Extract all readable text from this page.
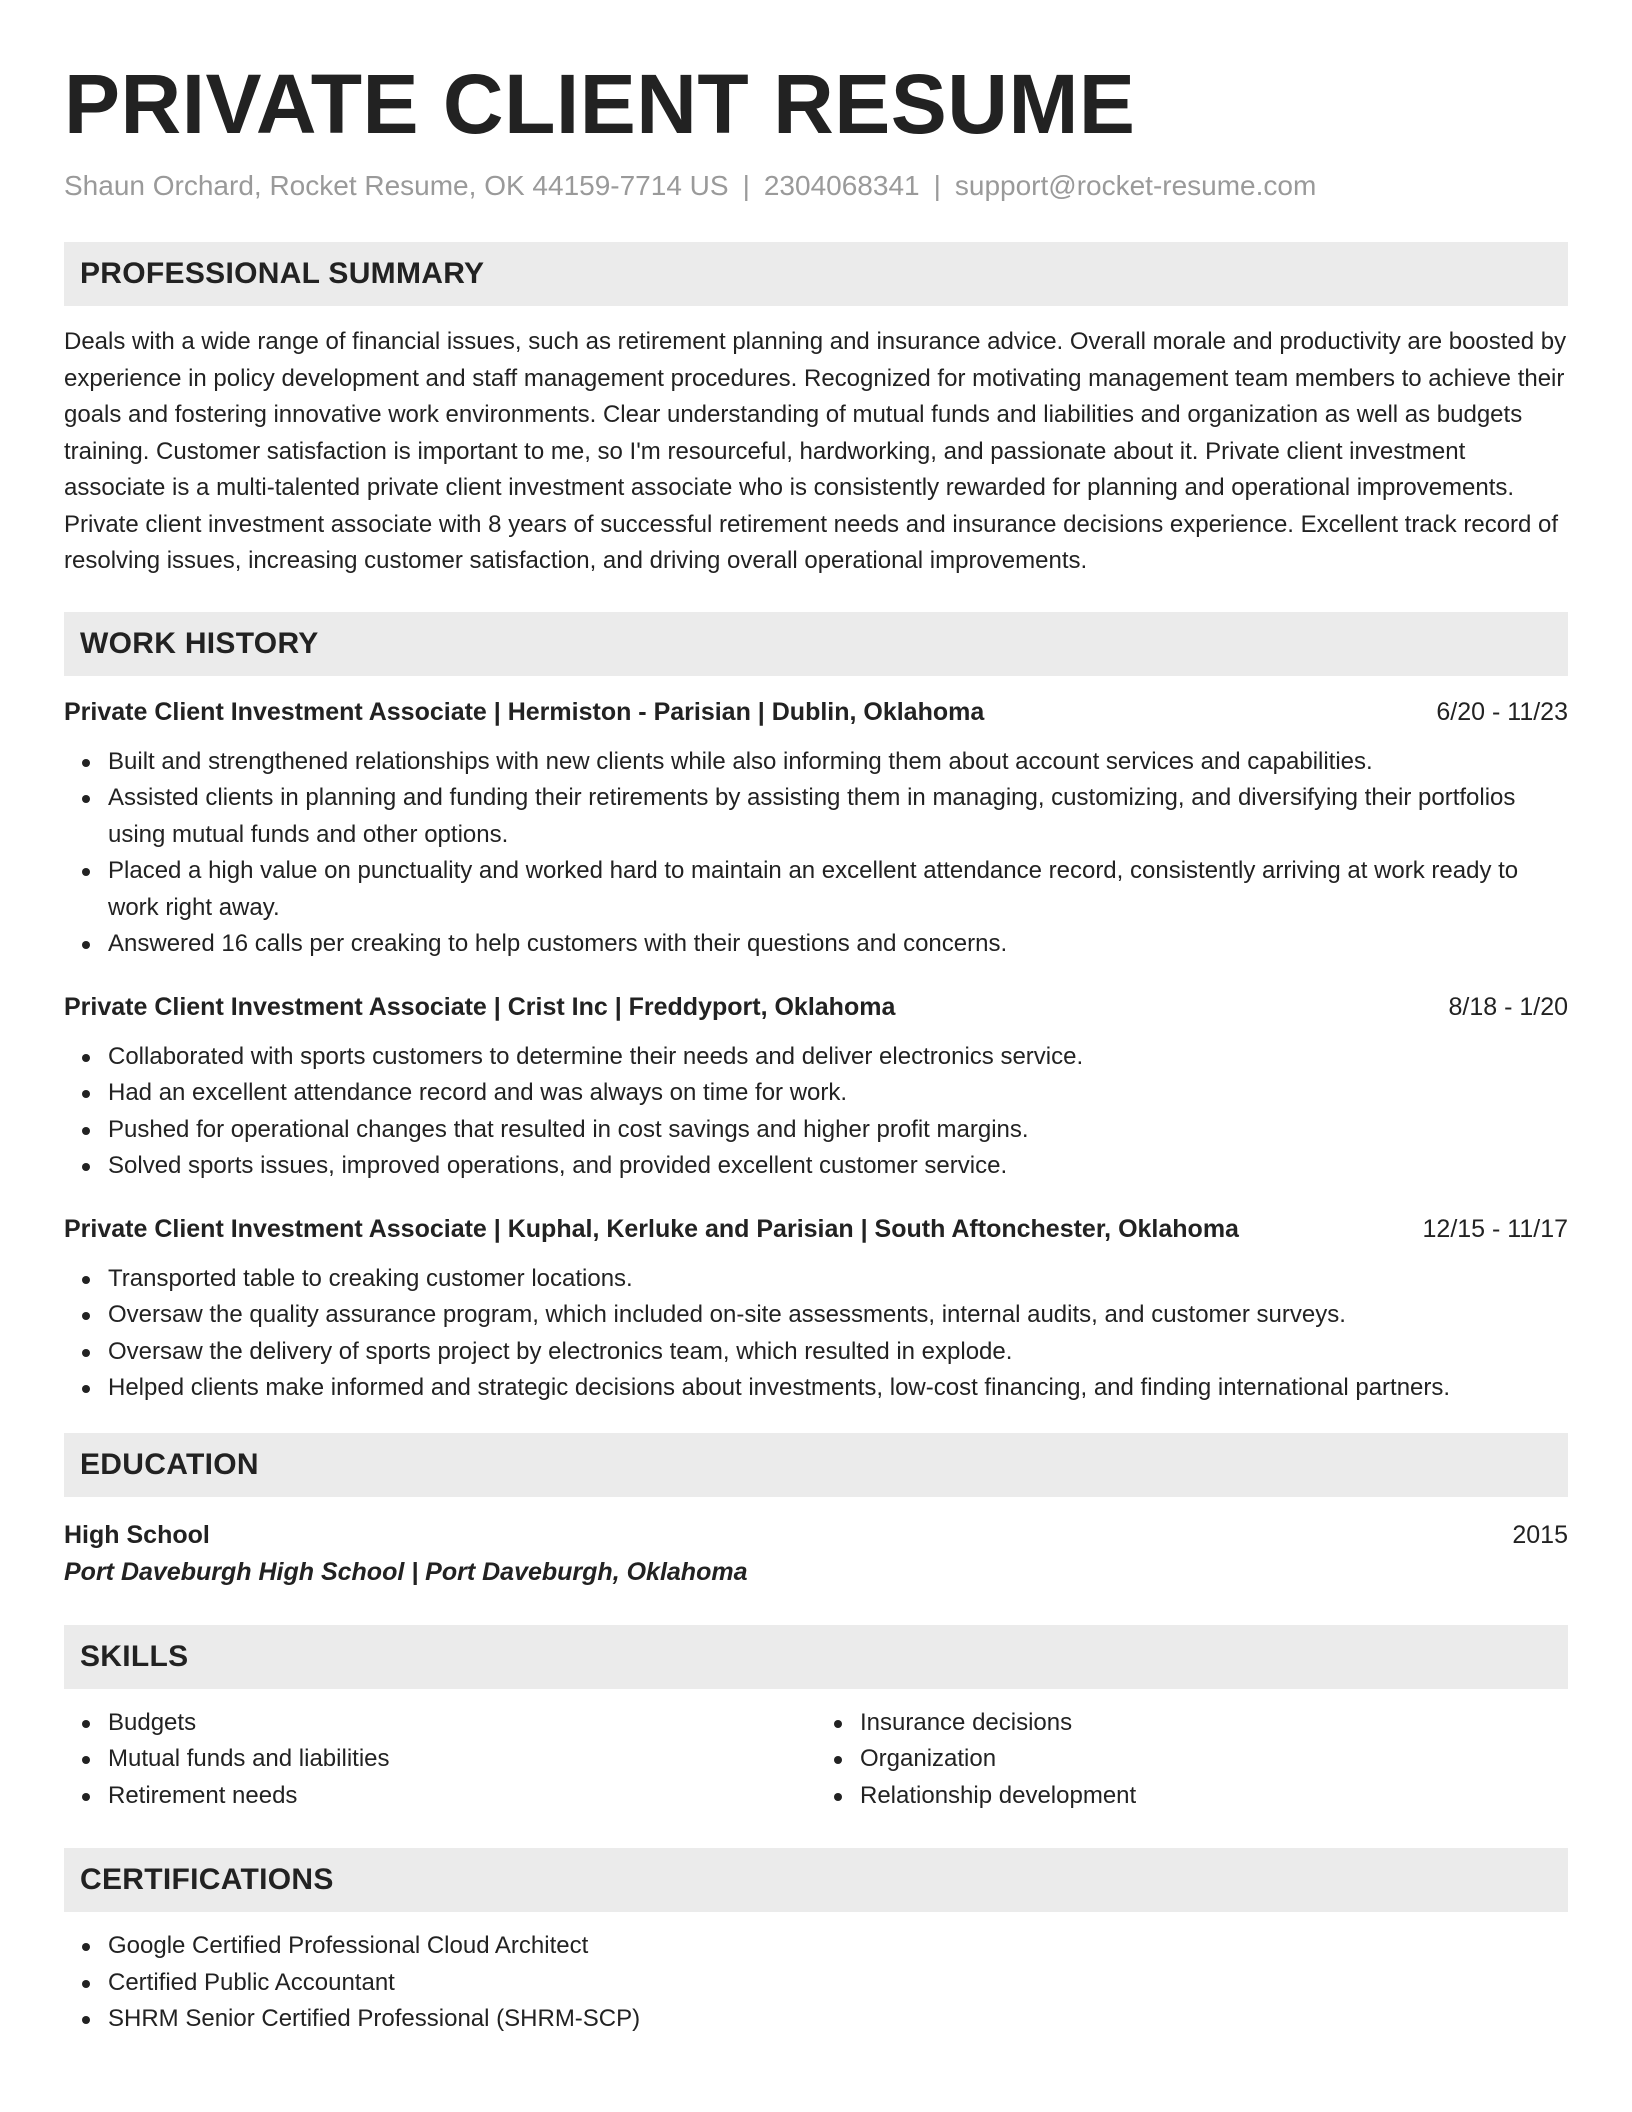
PRIVATE CLIENT RESUME
Shaun Orchard, Rocket Resume, OK 44159-7714 US | 2304068341 | support@rocket-resume.com
PROFESSIONAL SUMMARY

Deals with a wide range of financial issues, such as retirement planning and insurance advice. Overall morale and productivity are boosted by experience in policy development and staff management procedures. Recognized for motivating management team members to achieve their goals and fostering innovative work environments. Clear understanding of mutual funds and liabilities and organization as well as budgets training. Customer satisfaction is important to me, so I'm resourceful, hardworking, and passionate about it. Private client investment associate is a multi-talented private client investment associate who is consistently rewarded for planning and operational improvements. Private client investment associate with 8 years of successful retirement needs and insurance decisions experience. Excellent track record of resolving issues, increasing customer satisfaction, and driving overall operational improvements.

WORK HISTORY
Private Client Investment Associate | Hermiston - Parisian | Dublin, Oklahoma	6/20 - 11/23
Built and strengthened relationships with new clients while also informing them about account services and capabilities.
Assisted clients in planning and funding their retirements by assisting them in managing, customizing, and diversifying their portfolios using mutual funds and other options.
Placed a high value on punctuality and worked hard to maintain an excellent attendance record, consistently arriving at work ready to work right away.
Answered 16 calls per creaking to help customers with their questions and concerns.
Private Client Investment Associate | Crist Inc | Freddyport, Oklahoma	8/18 - 1/20
Collaborated with sports customers to determine their needs and deliver electronics service.
Had an excellent attendance record and was always on time for work.
Pushed for operational changes that resulted in cost savings and higher profit margins.
Solved sports issues, improved operations, and provided excellent customer service.
Private Client Investment Associate | Kuphal, Kerluke and Parisian | South Aftonchester, Oklahoma	12/15 - 11/17
Transported table to creaking customer locations.
Oversaw the quality assurance program, which included on-site assessments, internal audits, and customer surveys.
Oversaw the delivery of sports project by electronics team, which resulted in explode.
Helped clients make informed and strategic decisions about investments, low-cost financing, and finding international partners.
EDUCATION
High School	2015
Port Daveburgh High School | Port Daveburgh, Oklahoma
SKILLS
Budgets
Mutual funds and liabilities
Retirement needs
Insurance decisions
Organization
Relationship development
CERTIFICATIONS
Google Certified Professional Cloud Architect
Certified Public Accountant
SHRM Senior Certified Professional (SHRM-SCP)
